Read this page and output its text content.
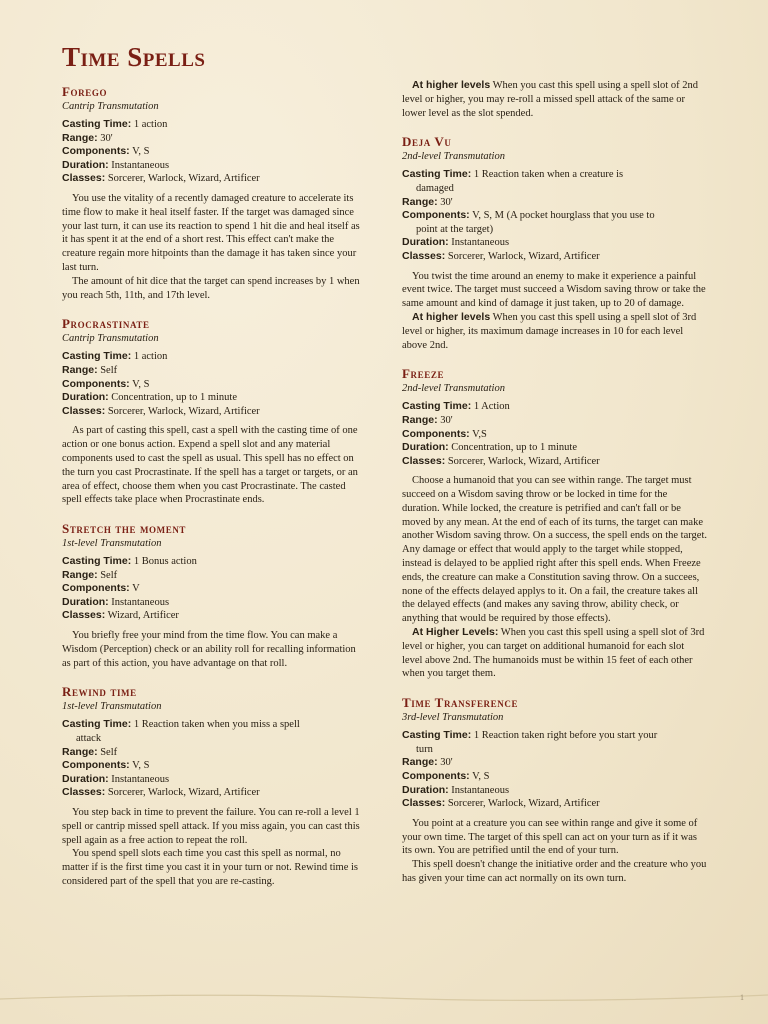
Time Spells
Forego
Cantrip Transmutation

Casting Time: 1 action

Range: 30'

Components: V, S

Duration: Instantaneous

Classes: Sorcerer, Warlock, Wizard, Artificer

You use the vitality of a recently damaged creature to accelerate its time flow to make it heal itself faster. If the target was damaged since your last turn, it can use its reaction to spend 1 hit die and heal itself as it has spent it at the end of a short rest. This effect can't make the creature regain more hitpoints than the damage it has taken since your last turn.

The amount of hit dice that the target can spend increases by 1 when you reach 5th, 11th, and 17th level.

Procrastinate
Cantrip Transmutation

Casting Time: 1 action

Range: Self

Components: V, S

Duration: Concentration, up to 1 minute

Classes: Sorcerer, Warlock, Wizard, Artificer

As part of casting this spell, cast a spell with the casting time of one action or one bonus action. Expend a spell slot and any material components used to cast the spell as usual. This spell has no effect on the turn you cast Procrastinate. If the spell has a target or targets, or an area of effect, choose them when you cast Procrastinate. The casted spell effects take place when Procrastinate ends.

Stretch the moment
1st-level Transmutation

Casting Time: 1 Bonus action

Range: Self

Components: V

Duration: Instantaneous

Classes: Wizard, Artificer

You briefly free your mind from the time flow. You can make a Wisdom (Perception) check or an ability roll for recalling information as part of this action, you have advantage on that roll.

Rewind time
1st-level Transmutation

Casting Time: 1 Reaction taken when you miss a spell
attack

Range: Self

Components: V, S

Duration: Instantaneous

Classes: Sorcerer, Warlock, Wizard, Artificer

You step back in time to prevent the failure. You can re-roll a level 1 spell or cantrip missed spell attack. If you miss again, you can cast this spell again as a free action to repeat the roll.

You spend spell slots each time you cast this spell as normal, no matter if is the first time you cast it in your turn or not. Rewind time is considered part of the spell that you are re-casting.

At higher levels When you cast this spell using a spell slot of 2nd level or higher, you may re-roll a missed spell attack of the same or lower level as the slot spended.

Deja Vu
2nd-level Transmutation

Casting Time: 1 Reaction taken when a creature is
damaged

Range: 30'

Components: V, S, M (A pocket hourglass that you use to
point at the target)

Duration: Instantaneous

Classes: Sorcerer, Warlock, Wizard, Artificer

You twist the time around an enemy to make it experience a painful event twice. The target must succeed a Wisdom saving throw or take the same amount and kind of damage it just taken, up to 20 of damage.

At higher levels When you cast this spell using a spell slot of 3rd level or higher, its maximum damage increases in 10 for each level above 2nd.

Freeze
2nd-level Transmutation

Casting Time: 1 Action

Range: 30'

Components: V,S

Duration: Concentration, up to 1 minute

Classes: Sorcerer, Warlock, Wizard, Artificer

Choose a humanoid that you can see within range. The target must succeed on a Wisdom saving throw or be locked in time for the duration. While locked, the creature is petrified and can't fall or be moved by any mean. At the end of each of its turns, the target can make another Wisdom saving throw. On a success, the spell ends on the target. Any damage or effect that would apply to the target while stopped, instead is delayed to be applied right after this spell ends. When Freeze ends, the creature can make a Constitution saving throw. On a succees, none of the effects delayed applys to it. On a fail, the creature takes all the delayed effects (and makes any saving throw, ability check, or anything that would be required by those effects).

At Higher Levels: When you cast this spell using a spell slot of 3rd level or higher, you can target on additional humanoid for each slot level above 2nd. The humanoids must be within 15 feet of each other when you target them.

Time Transference
3rd-level Transmutation

Casting Time: 1 Reaction taken right before you start your
turn

Range: 30'

Components: V, S

Duration: Instantaneous

Classes: Sorcerer, Warlock, Wizard, Artificer

You point at a creature you can see within range and give it some of your own time. The target of this spell can act on your turn as if it was its own. You are petrified until the end of your turn.

This spell doesn't change the initiative order and the creature who you has given your time can act normally on its own turn.

1
